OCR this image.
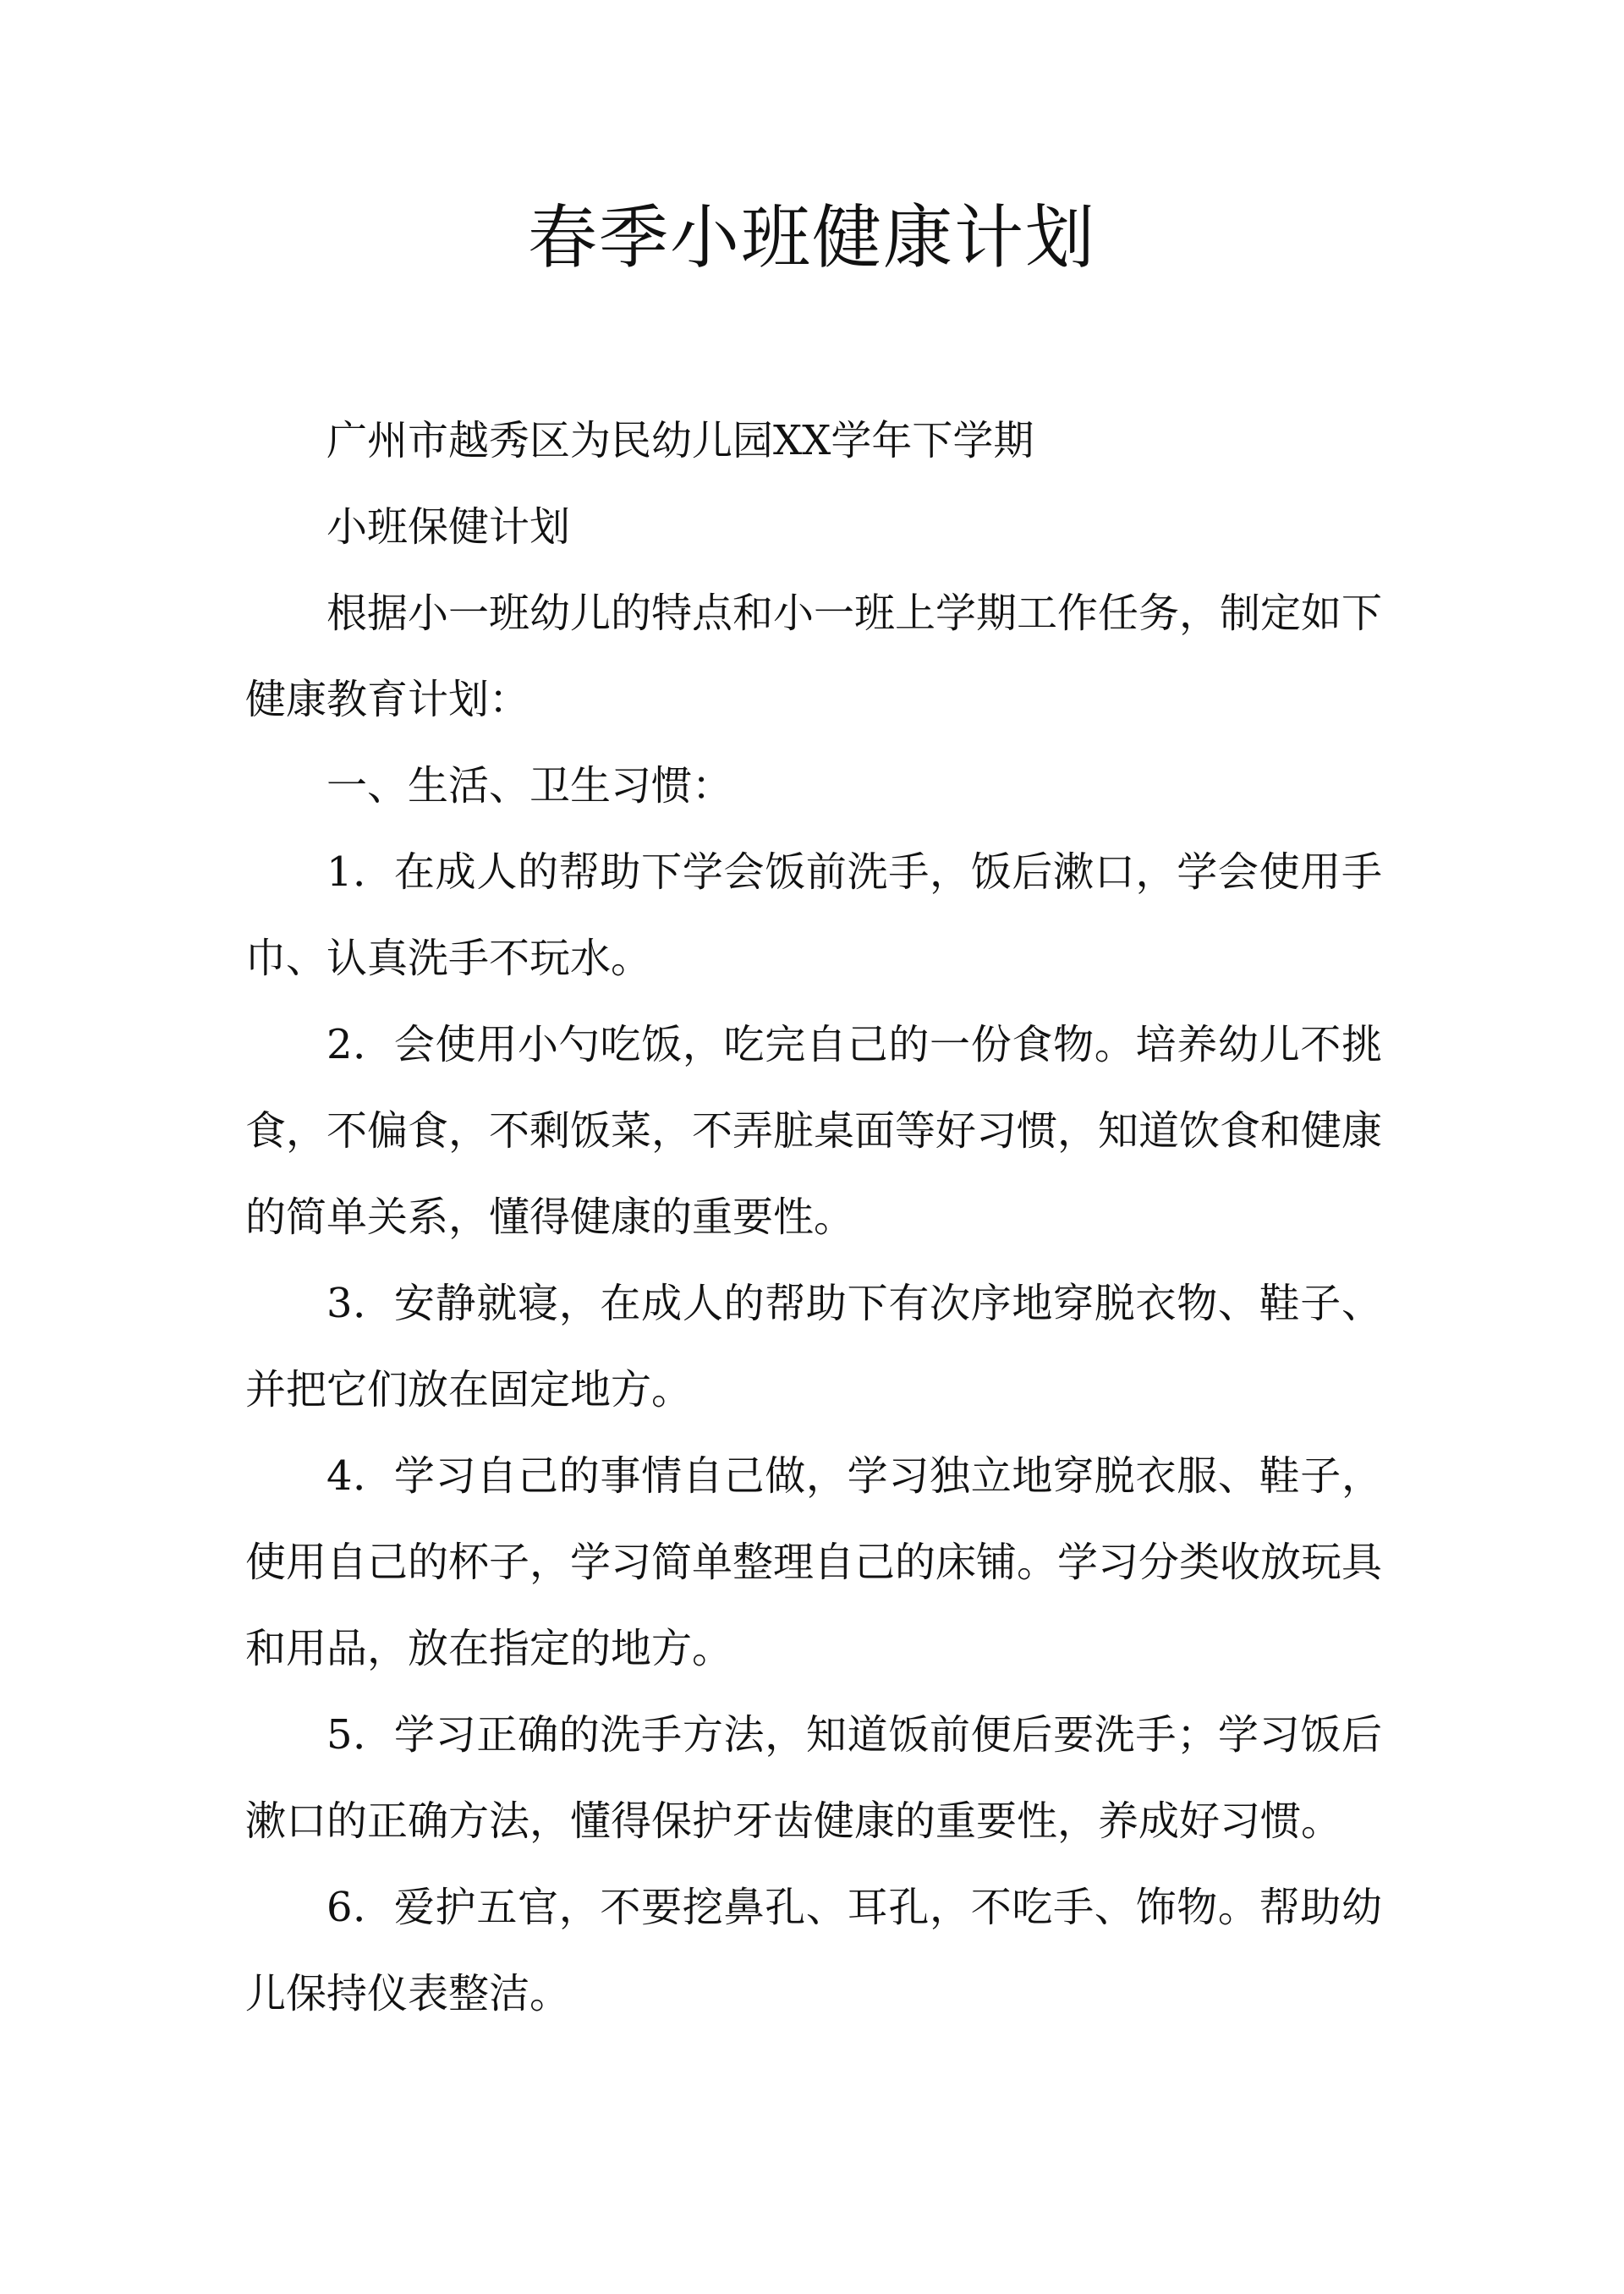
春季小班健康计划

广州市越秀区为民幼儿园XX学年下学期

小班保健计划

根据小一班幼儿的特点和小一班上学期工作任务，制定如下健康教育计划：

一、生活、卫生习惯：

1．在成人的帮助下学会饭前洗手，饭后漱口，学会使用手巾、认真洗手不玩水。

2．会使用小勺吃饭，吃完自己的一份食物。培养幼儿不挑食，不偏食，不剩饭菜，不弄脏桌面等好习惯，知道饮食和健康的简单关系，懂得健康的重要性。

3．安静就寝，在成人的帮助下有次序地穿脱衣物、鞋子、并把它们放在固定地方。

4．学习自己的事情自己做，学习独立地穿脱衣服、鞋子，使用自己的杯子，学习简单整理自己的床铺。学习分类收放玩具和用品，放在指定的地方。

5．学习正确的洗手方法，知道饭前便后要洗手；学习饭后漱口的正确方法，懂得保护牙齿健康的重要性，养成好习惯。

6．爱护五官，不要挖鼻孔、耳孔，不吃手、饰物。帮助幼儿保持仪表整洁。
